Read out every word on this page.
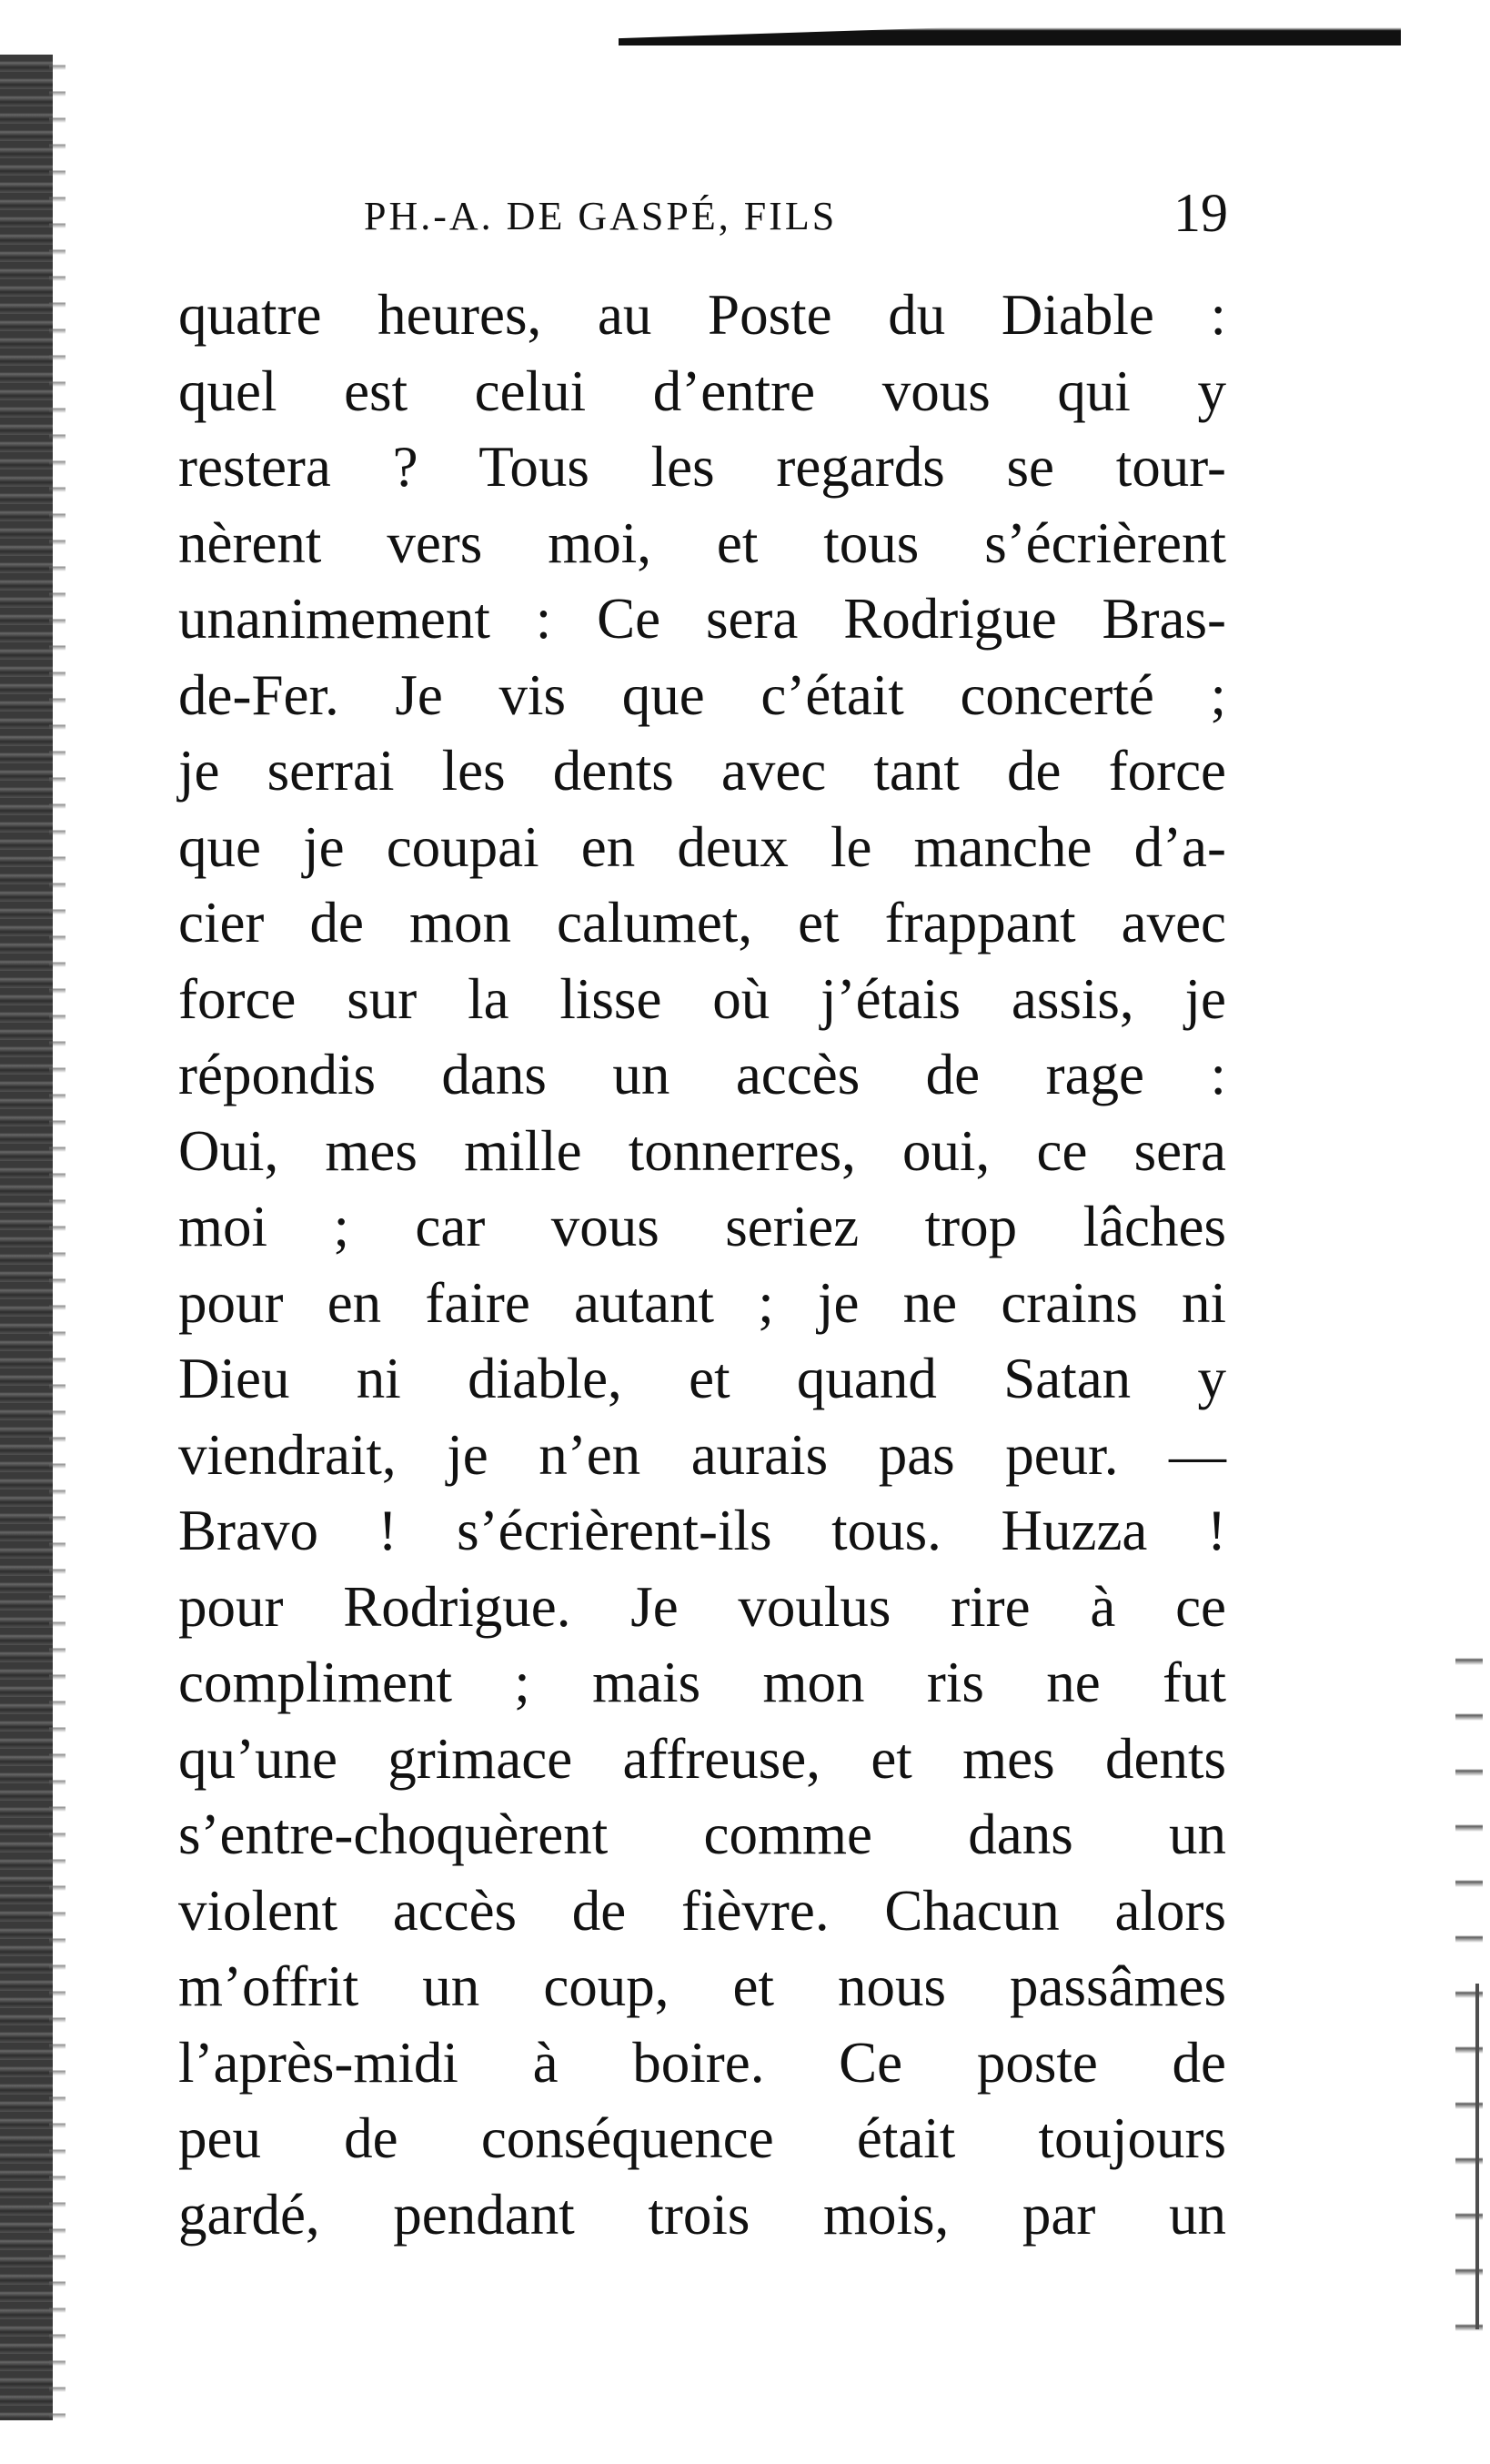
PH.-A. DE GASPÉ, FILS	19
quatre heures, au Poste du Diable :
quel est celui d’entre vous qui y
restera ? Tous les regards se tour-
nèrent vers moi, et tous s’écrièrent
unanimement : Ce sera Rodrigue Bras-
de-Fer. Je vis que c’était concerté ;
je serrai les dents avec tant de force
que je coupai en deux le manche d’a-
cier de mon calumet, et frappant avec
force sur la lisse où j’étais assis, je
répondis dans un accès de rage :
Oui, mes mille tonnerres, oui, ce sera
moi ; car vous seriez trop lâches
pour en faire autant ; je ne crains ni
Dieu ni diable, et quand Satan y
viendrait, je n’en aurais pas peur. —
Bravo ! s’écrièrent-ils tous. Huzza !
pour Rodrigue. Je voulus rire à ce
compliment ; mais mon ris ne fut
qu’une grimace affreuse, et mes dents
s’entre-choquèrent comme dans un
violent accès de fièvre. Chacun alors
m’offrit un coup, et nous passâmes
l’après-midi à boire. Ce poste de
peu de conséquence était toujours
gardé, pendant trois mois, par un
